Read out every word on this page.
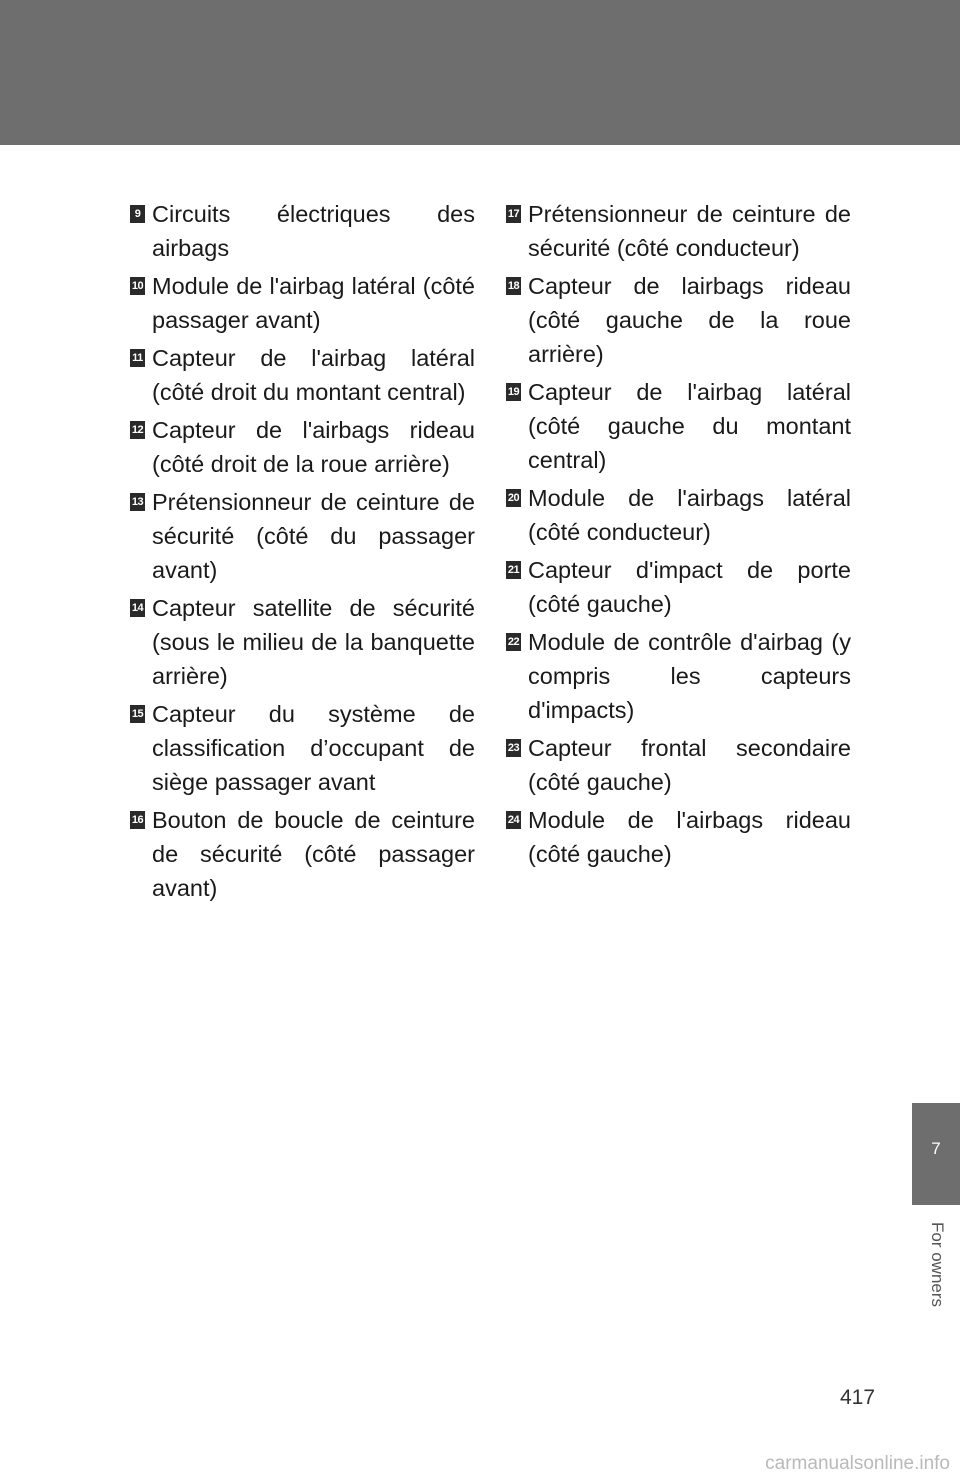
9 Circuits électriques des airbags
10 Module de l'airbag latéral (côté passager avant)
11 Capteur de l'airbag latéral (côté droit du montant central)
12 Capteur de l'airbags rideau (côté droit de la roue arrière)
13 Prétensionneur de ceinture de sécurité (côté du passager avant)
14 Capteur satellite de sécurité (sous le milieu de la banquette arrière)
15 Capteur du système de classification d’occupant de siège passager avant
16 Bouton de boucle de ceinture de sécurité (côté passager avant)
17 Prétensionneur de ceinture de sécurité (côté conducteur)
18 Capteur de lairbags rideau (côté gauche de la roue arrière)
19 Capteur de l'airbag latéral (côté gauche du montant central)
20 Module de l'airbags latéral (côté conducteur)
21 Capteur d'impact de porte (côté gauche)
22 Module de contrôle d'airbag (y compris les capteurs d'impacts)
23 Capteur frontal secondaire (côté gauche)
24 Module de l'airbags rideau (côté gauche)
7
For owners
417
carmanualsonline.info
